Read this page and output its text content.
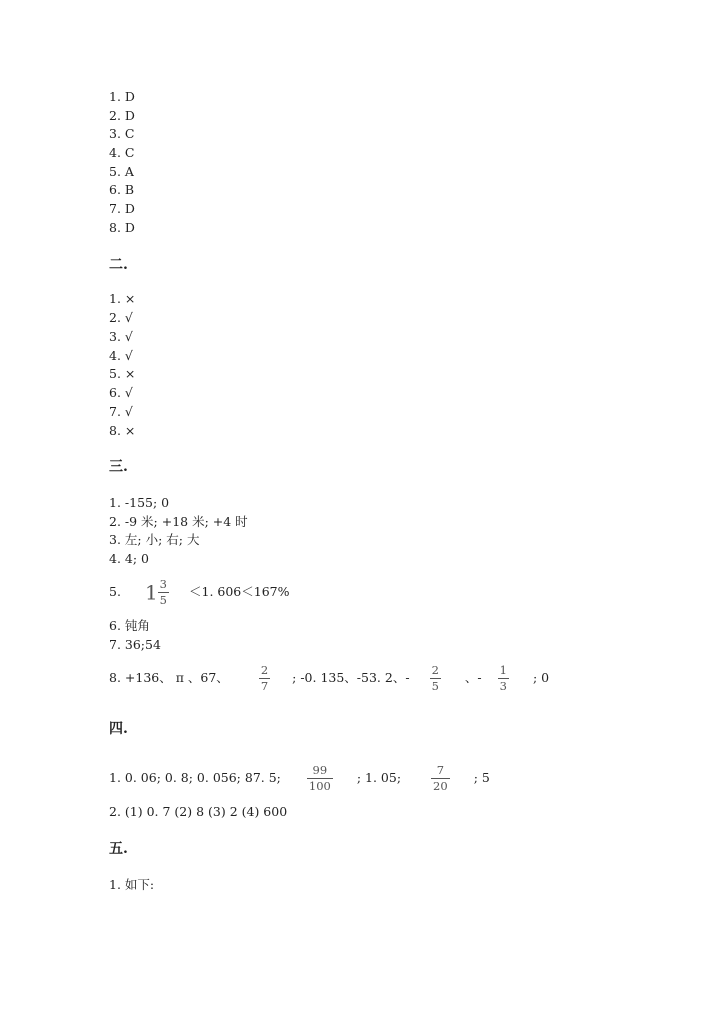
1. D
2. D
3. C
4. C
5. A
6. B
7. D
8. D
二.
1. ×
2. √
3. √
4. √
5. ×
6. √
7. √
8. ×
三.
1. -155; 0
2. -9 米; +18 米; +4 时
3. 左; 小; 右; 大
4. 4; 0
5. $1 \frac{3}{5} <1$. 606＜167%
6. 钝角
7. 36;54
8. +136、 π 、67、	$\frac{2}{7}$ ; -0. 135、-53. 2、- $\frac{2}{5}$ 、- $\frac{1}{3}$ ; 0
四.
1. 0. 06; 0. 8; 0. 056; 87. 5; $\frac{99}{100}$ ; 1. 05;	$\frac{7}{20}$ ; 5
2. (1) 0. 7 (2) 8 (3) 2 (4) 600
五.
1. 如下:
